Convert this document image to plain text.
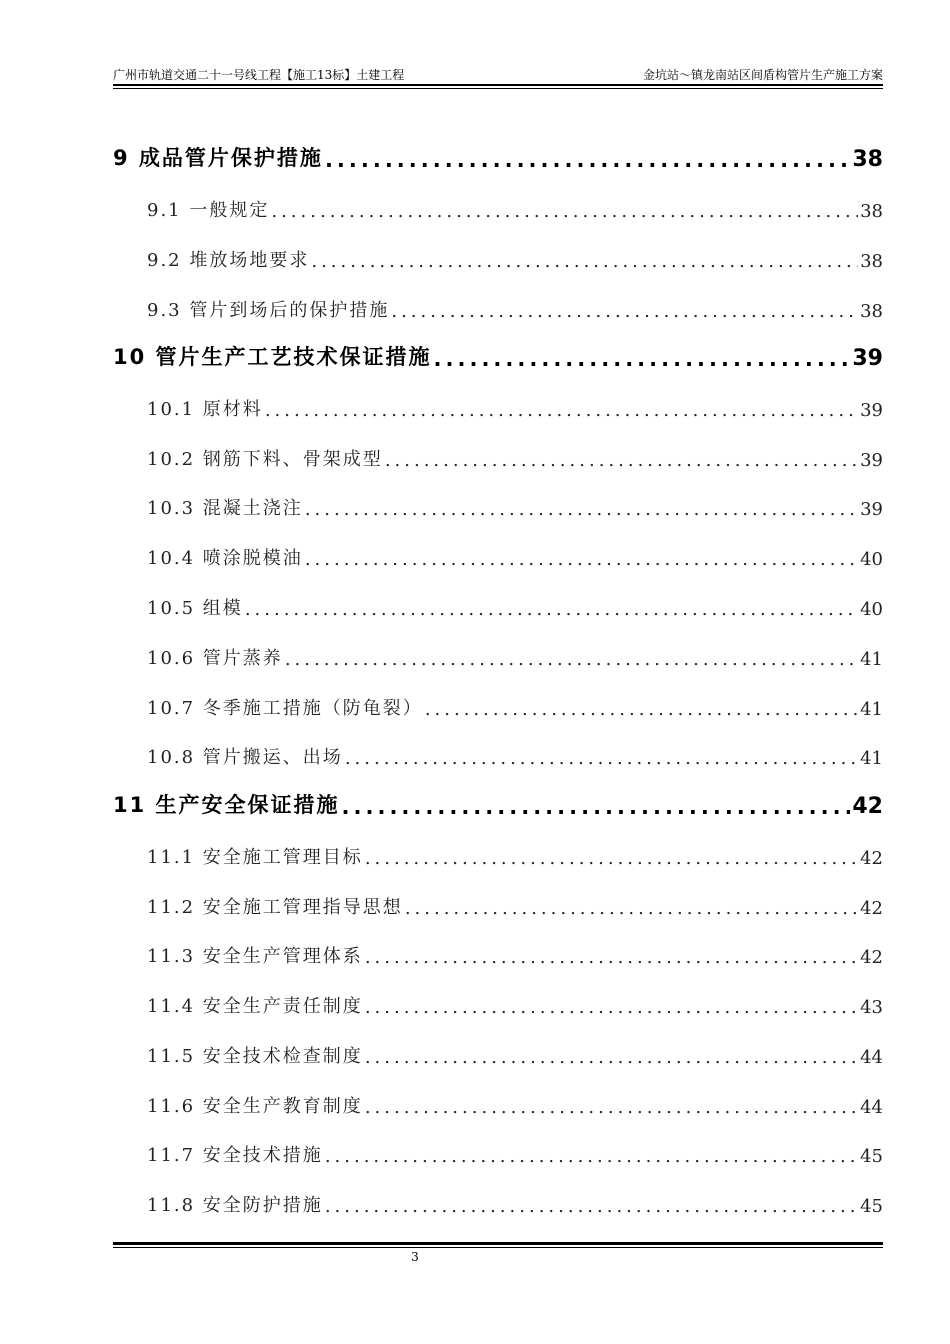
广州市轨道交通二十一号线工程【施工13标】土建工程	金坑站～镇龙南站区间盾构管片生产施工方案
9 成品管片保护措施 .....	38
9.1 一般规定 .....	38
9.2 堆放场地要求 .....	38
9.3 管片到场后的保护措施 .....	38
10 管片生产工艺技术保证措施 .....	39
10.1 原材料 .....	39
10.2 钢筋下料、骨架成型 .....	39
10.3 混凝土浇注 .....	39
10.4 喷涂脱模油 .....	40
10.5 组模 .....	40
10.6 管片蒸养 .....	41
10.7 冬季施工措施（防龟裂） .....	41
10.8 管片搬运、出场 .....	41
11 生产安全保证措施 .....	42
11.1 安全施工管理目标 .....	42
11.2 安全施工管理指导思想 .....	42
11.3 安全生产管理体系 .....	42
11.4 安全生产责任制度 .....	43
11.5 安全技术检查制度 .....	44
11.6 安全生产教育制度 .....	44
11.7 安全技术措施 .....	45
11.8 安全防护措施 .....	45
3
